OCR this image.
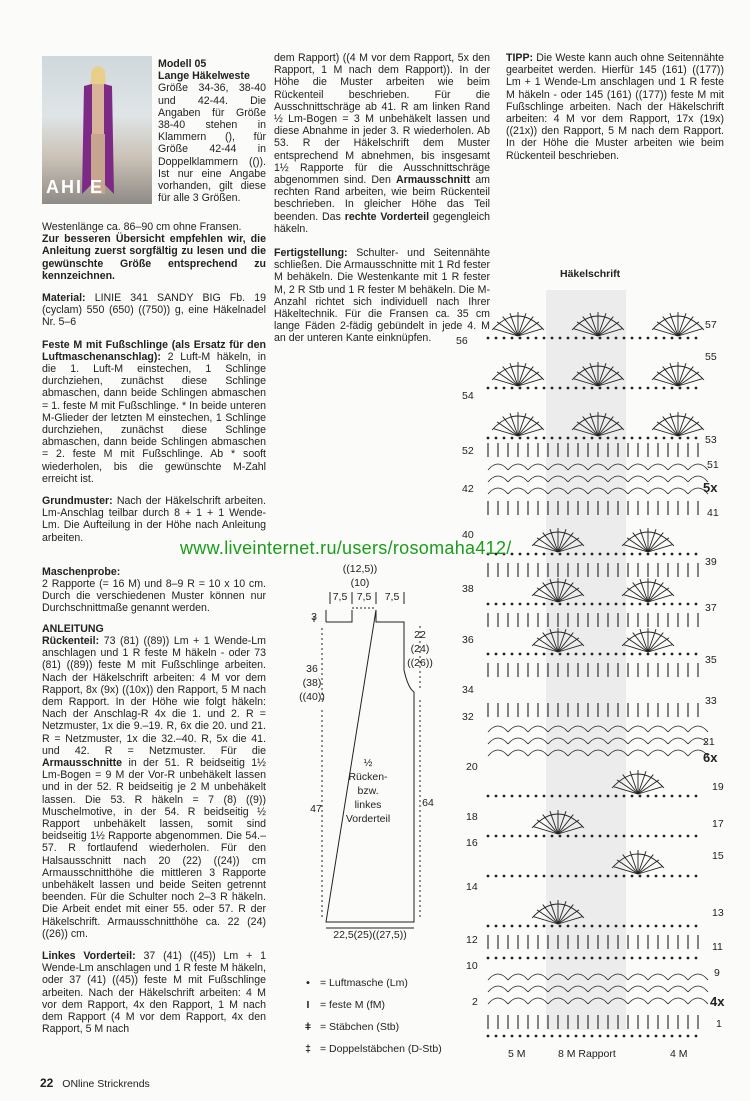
AHI E
Modell 05
Lange Häkelweste
Größe 34-36, 38-40 und 42-44. Die Angaben für Größe 38-40 stehen in Klammern (), für Größe 42-44 in Doppelklammern (()). Ist nur eine Angabe vorhanden, gilt diese für alle 3 Größen.

Westenlänge ca. 86–90 cm ohne Fransen.

Zur besseren Übersicht empfehlen wir, die Anleitung zuerst sorgfältig zu lesen und die gewünschte Größe entsprechend zu kennzeichnen.

Material: LINIE 341 SANDY BIG Fb. 19 (cyclam) 550 (650) ((750)) g, eine Häkelnadel Nr. 5–6

Feste M mit Fußschlinge (als Ersatz für den Luftmaschenanschlag): 2 Luft-M häkeln, in die 1. Luft-M einstechen, 1 Schlinge durchziehen, zunächst diese Schlinge abmaschen, dann beide Schlingen abmaschen = 1. feste M mit Fußschlinge. * In beide unteren M-Glieder der letzten M einstechen, 1 Schlinge durchziehen, zunächst diese Schlinge abmaschen, dann beide Schlingen abmaschen = 2. feste M mit Fußschlinge. Ab * sooft wiederholen, bis die gewünschte M-Zahl erreicht ist.

Grundmuster: Nach der Häkelschrift arbeiten. Lm-Anschlag teilbar durch 8 + 1 + 1 Wende-Lm. Die Aufteilung in der Höhe nach Anleitung arbeiten.

Maschenprobe:
2 Rapporte (= 16 M) und 8–9 R = 10 x 10 cm. Durch die verschiedenen Muster können nur Durchschnittmaße genannt werden.

ANLEITUNG

Rückenteil: 73 (81) ((89)) Lm + 1 Wende-Lm anschlagen und 1 R feste M häkeln - oder 73 (81) ((89)) feste M mit Fußschlinge arbeiten. Nach der Häkelschrift arbeiten: 4 M vor dem Rapport, 8x (9x) ((10x)) den Rapport, 5 M nach dem Rapport. In der Höhe wie folgt häkeln: Nach der Anschlag-R 4x die 1. und 2. R = Netzmuster, 1x die 9.–19. R, 6x die 20. und 21. R = Netzmuster, 1x die 32.–40. R, 5x die 41. und 42. R = Netzmuster. Für die Armausschnitte in der 51. R beidseitig 1½ Lm-Bogen = 9 M der Vor-R unbehäkelt lassen und in der 52. R beidseitig je 2 M unbehäkelt lassen. Die 53. R häkeln = 7 (8) ((9)) Muschelmotive, in der 54. R beidseitig ½ Rapport unbehäkelt lassen, somit sind beidseitig 1½ Rapporte abgenommen. Die 54.– 57. R fortlaufend wiederholen. Für den Halsausschnitt nach 20 (22) ((24)) cm Armausschnitthöhe die mittleren 3 Rapporte unbehäkelt lassen und beide Seiten getrennt beenden. Für die Schulter noch 2–3 R häkeln. Die Arbeit endet mit einer 55. oder 57. R der Häkelschrift. Armausschnitthöhe ca. 22 (24) ((26)) cm.

Linkes Vorderteil: 37 (41) ((45)) Lm + 1 Wende-Lm anschlagen und 1 R feste M häkeln, oder 37 (41) ((45)) feste M mit Fußschlinge arbeiten. Nach der Häkelschrift arbeiten: 4 M vor dem Rapport, 4x den Rapport, 1 M nach dem Rapport (4 M vor dem Rapport, 4x den Rapport, 5 M nach

dem Rapport) ((4 M vor dem Rapport, 5x den Rapport, 1 M nach dem Rapport)). In der Höhe die Muster arbeiten wie beim Rückenteil beschrieben. Für die Ausschnittschräge ab 41. R am linken Rand ½ Lm-Bogen = 3 M unbehäkelt lassen und diese Abnahme in jeder 3. R wiederholen. Ab 53. R der Häkelschrift dem Muster entsprechend M abnehmen, bis insgesamt 1½ Rapporte für die Ausschnittschräge abgenommen sind. Den Armausschnitt am rechten Rand arbeiten, wie beim Rückenteil beschrieben. In gleicher Höhe das Teil beenden. Das rechte Vorderteil gegengleich häkeln.

Fertigstellung: Schulter- und Seitennähte schließen. Die Armausschnitte mit 1 Rd fester M behäkeln. Die Westenkante mit 1 R fester M, 2 R Stb und 1 R fester M behäkeln. Die M-Anzahl richtet sich individuell nach Ihrer Häkeltechnik. Für die Fransen ca. 35 cm lange Fäden 2-fädig gebündelt in jede 4. M an der unteren Kante einknüpfen.

TIPP: Die Weste kann auch ohne Seitennähte gearbeitet werden. Hierfür 145 (161) ((177)) Lm + 1 Wende-Lm anschlagen und 1 R feste M häkeln - oder 145 (161) ((177)) feste M mit Fußschlinge arbeiten. Nach der Häkelschrift arbeiten: 4 M vor dem Rapport, 17x (19x) ((21x)) den Rapport, 5 M nach dem Rapport. In der Höhe die Muster arbeiten wie beim Rückenteil beschrieben.
Häkelschrift
57
55
53
51
5x
41
39
37
35
33
21
6x
19
17
15
13
11
9
4x
1
56
54
52
42
40
38
36
34
32
20
18
16
14
12
10
2
5 M	8 M Rapport	4 M
www.liveinternet.ru/users/rosomaha412/
((12,5))
(10)
7,5 7,5 7,5
3
36
(38)
((40))
47
22
(24)
((26))
64
½
Rücken-
bzw.
linkes
Vorderteil
22,5(25)((27,5))
• = Luftmasche (Lm)
I	= feste M (fM)
ǂ = Stäbchen (Stb)
‡ = Doppelstäbchen (D-Stb)
22 ONline Strickrends
